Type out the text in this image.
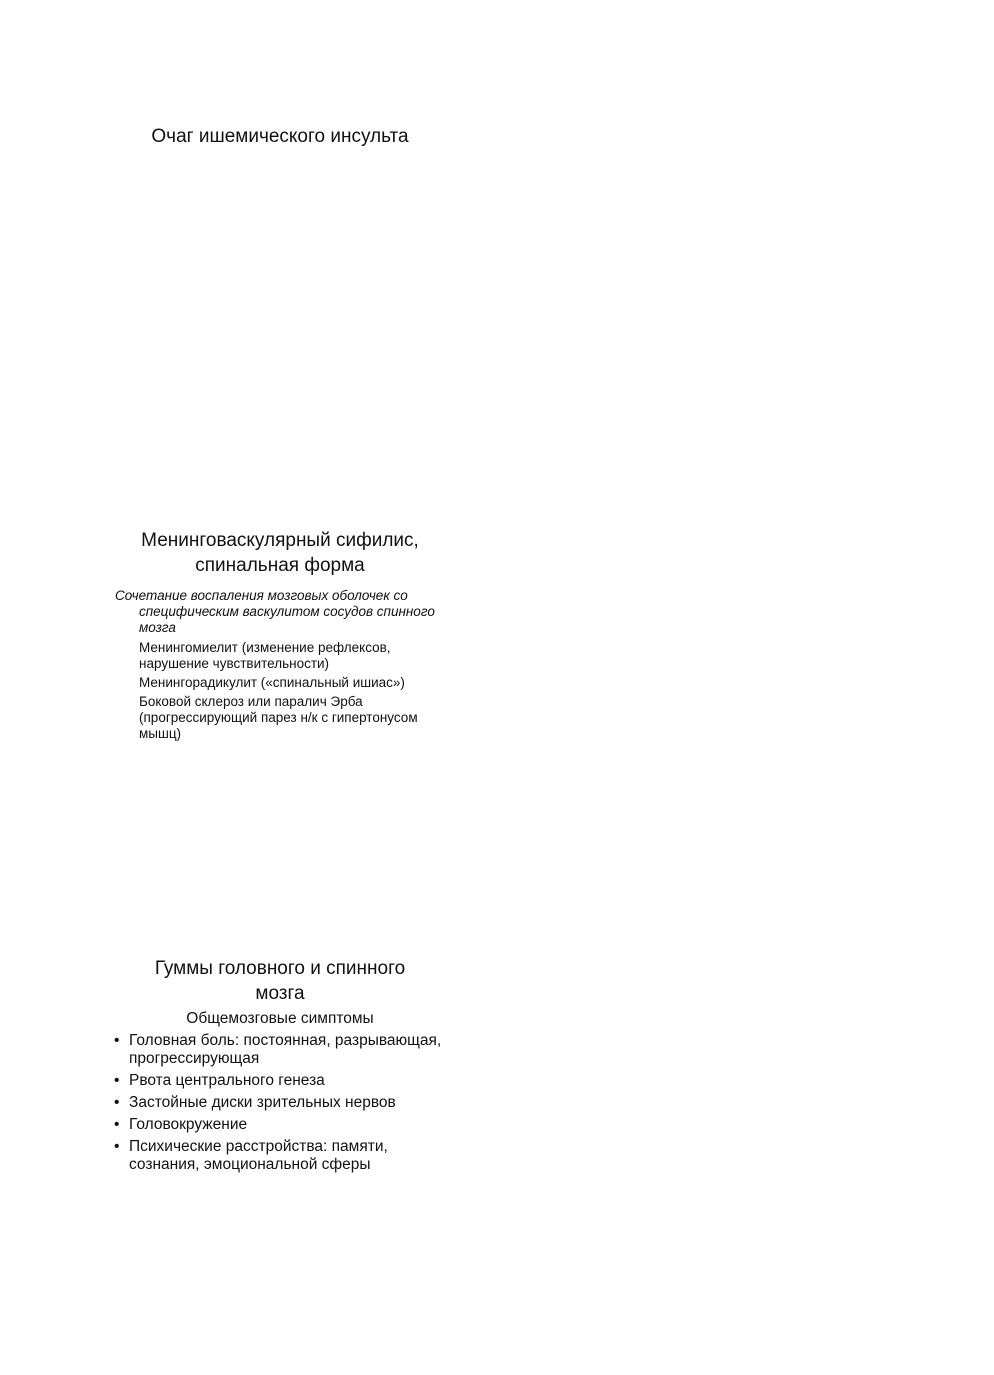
Очаг ишемического инсульта
Менинговаскулярный сифилис,
спинальная форма

Сочетание воспаления мозговых оболочек со специфическим васкулитом сосудов спинного мозга

Менингомиелит (изменение рефлексов, нарушение чувствительности)
Менингорадикулит («спинальный ишиас»)
Боковой склероз или паралич Эрба (прогрессирующий парез н/к с гипертонусом мышц)
Гуммы головного и спинного
мозга

Общемозговые симптомы

• Головная боль: постоянная, разрывающая, прогрессирующая
• Рвота центрального генеза
• Застойные диски зрительных нервов
• Головокружение
• Психические расстройства: памяти, сознания, эмоциональной сферы
